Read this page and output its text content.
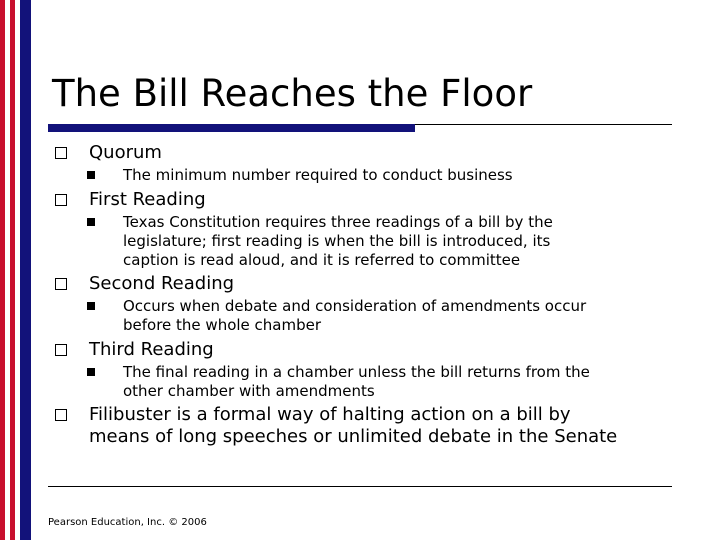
The Bill Reaches the Floor
Quorum
The minimum number required to conduct business
First Reading
Texas Constitution requires three readings of a bill by the
legislature; first reading is when the bill is introduced, its
caption is read aloud, and it is referred to committee
Second Reading
Occurs when debate and consideration of amendments occur
before the whole chamber
Third Reading
The final reading in a chamber unless the bill returns from the
other chamber with amendments
Filibuster is a formal way of halting action on a bill by
means of long speeches or unlimited debate in the Senate
Pearson Education, Inc. © 2006
